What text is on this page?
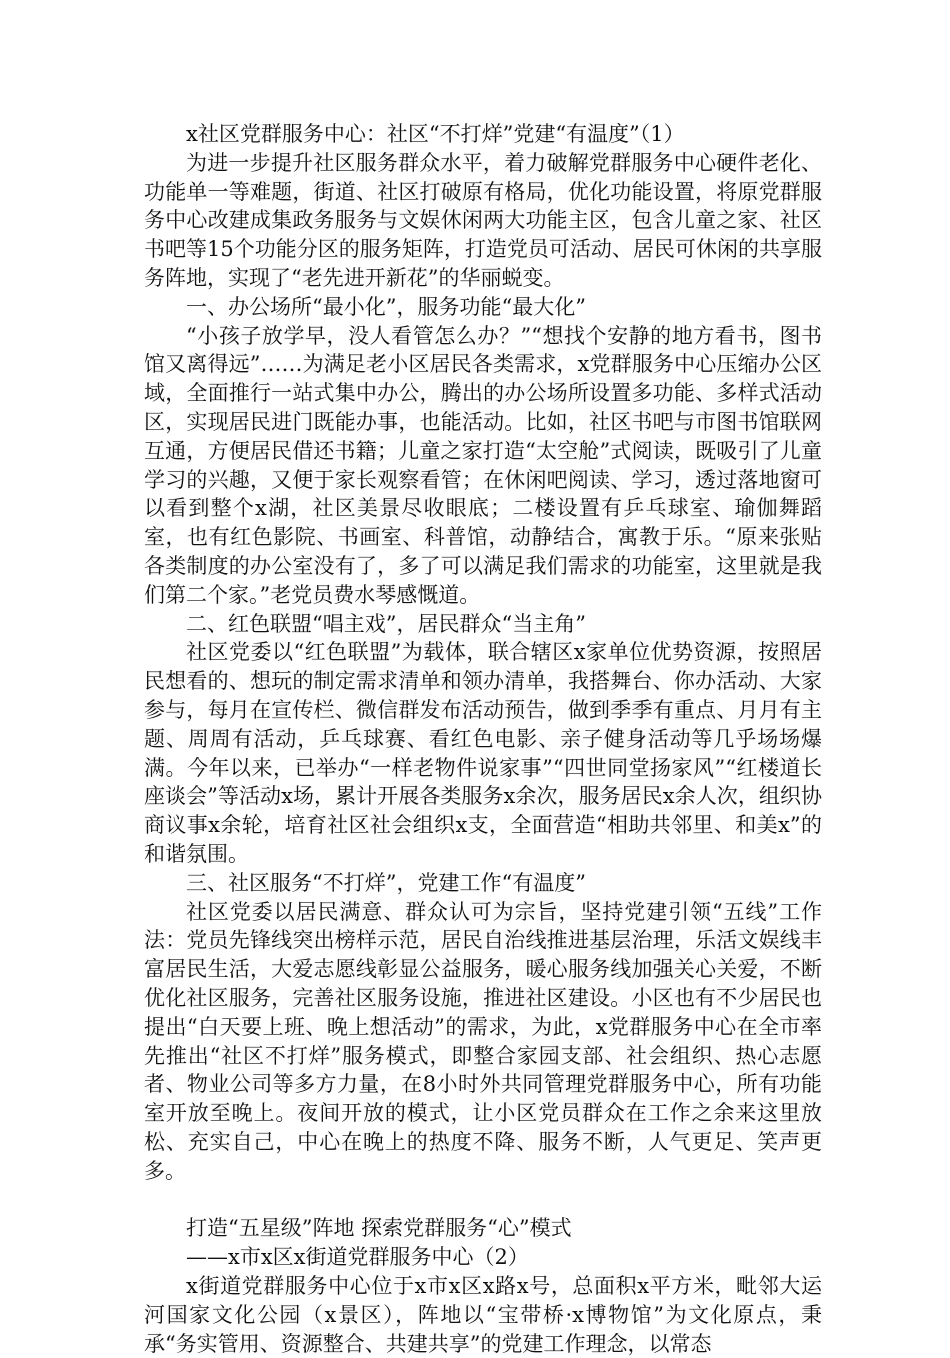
x社区党群服务中心：社区“不打烊”党建“有温度”（1）

为进一步提升社区服务群众水平，着力破解党群服务中心硬件老化、功能单一等难题，街道、社区打破原有格局，优化功能设置，将原党群服务中心改建成集政务服务与文娱休闲两大功能主区，包含儿童之家、社区书吧等15个功能分区的服务矩阵，打造党员可活动、居民可休闲的共享服务阵地，实现了“老先进开新花”的华丽蜕变。

一、办公场所“最小化”，服务功能“最大化”

“小孩子放学早，没人看管怎么办？”“想找个安静的地方看书，图书馆又离得远”……为满足老小区居民各类需求，x党群服务中心压缩办公区域，全面推行一站式集中办公，腾出的办公场所设置多功能、多样式活动区，实现居民进门既能办事，也能活动。比如，社区书吧与市图书馆联网互通，方便居民借还书籍；儿童之家打造“太空舱”式阅读，既吸引了儿童学习的兴趣，又便于家长观察看管；在休闲吧阅读、学习，透过落地窗可以看到整个x湖，社区美景尽收眼底；二楼设置有乒乓球室、瑜伽舞蹈室，也有红色影院、书画室、科普馆，动静结合，寓教于乐。“原来张贴各类制度的办公室没有了，多了可以满足我们需求的功能室，这里就是我们第二个家。”老党员费水琴感慨道。

二、红色联盟“唱主戏”，居民群众“当主角”

社区党委以“红色联盟”为载体，联合辖区x家单位优势资源，按照居民想看的、想玩的制定需求清单和领办清单，我搭舞台、你办活动、大家参与，每月在宣传栏、微信群发布活动预告，做到季季有重点、月月有主题、周周有活动，乒乓球赛、看红色电影、亲子健身活动等几乎场场爆满。今年以来，已举办“一样老物件说家事”“四世同堂扬家风”“红楼道长座谈会”等活动x场，累计开展各类服务x余次，服务居民x余人次，组织协商议事x余轮，培育社区社会组织x支，全面营造“相助共邻里、和美x”的和谐氛围。

三、社区服务“不打烊”，党建工作“有温度”

社区党委以居民满意、群众认可为宗旨，坚持党建引领“五线”工作法：党员先锋线突出榜样示范，居民自治线推进基层治理，乐活文娱线丰富居民生活，大爱志愿线彰显公益服务，暖心服务线加强关心关爱，不断优化社区服务，完善社区服务设施，推进社区建设。小区也有不少居民也提出“白天要上班、晚上想活动”的需求，为此，x党群服务中心在全市率先推出“社区不打烊”服务模式，即整合家园支部、社会组织、热心志愿者、物业公司等多方力量，在8小时外共同管理党群服务中心，所有功能室开放至晚上。夜间开放的模式，让小区党员群众在工作之余来这里放松、充实自己，中心在晚上的热度不降、服务不断，人气更足、笑声更多。

打造“五星级”阵地 探索党群服务“心”模式

——x市x区x街道党群服务中心（2）

x街道党群服务中心位于x市x区x路x号，总面积x平方米，毗邻大运河国家文化公园（x景区），阵地以“宝带桥·x博物馆”为文化原点，秉承“务实管用、资源整合、共建共享”的党建工作理念，以常态
